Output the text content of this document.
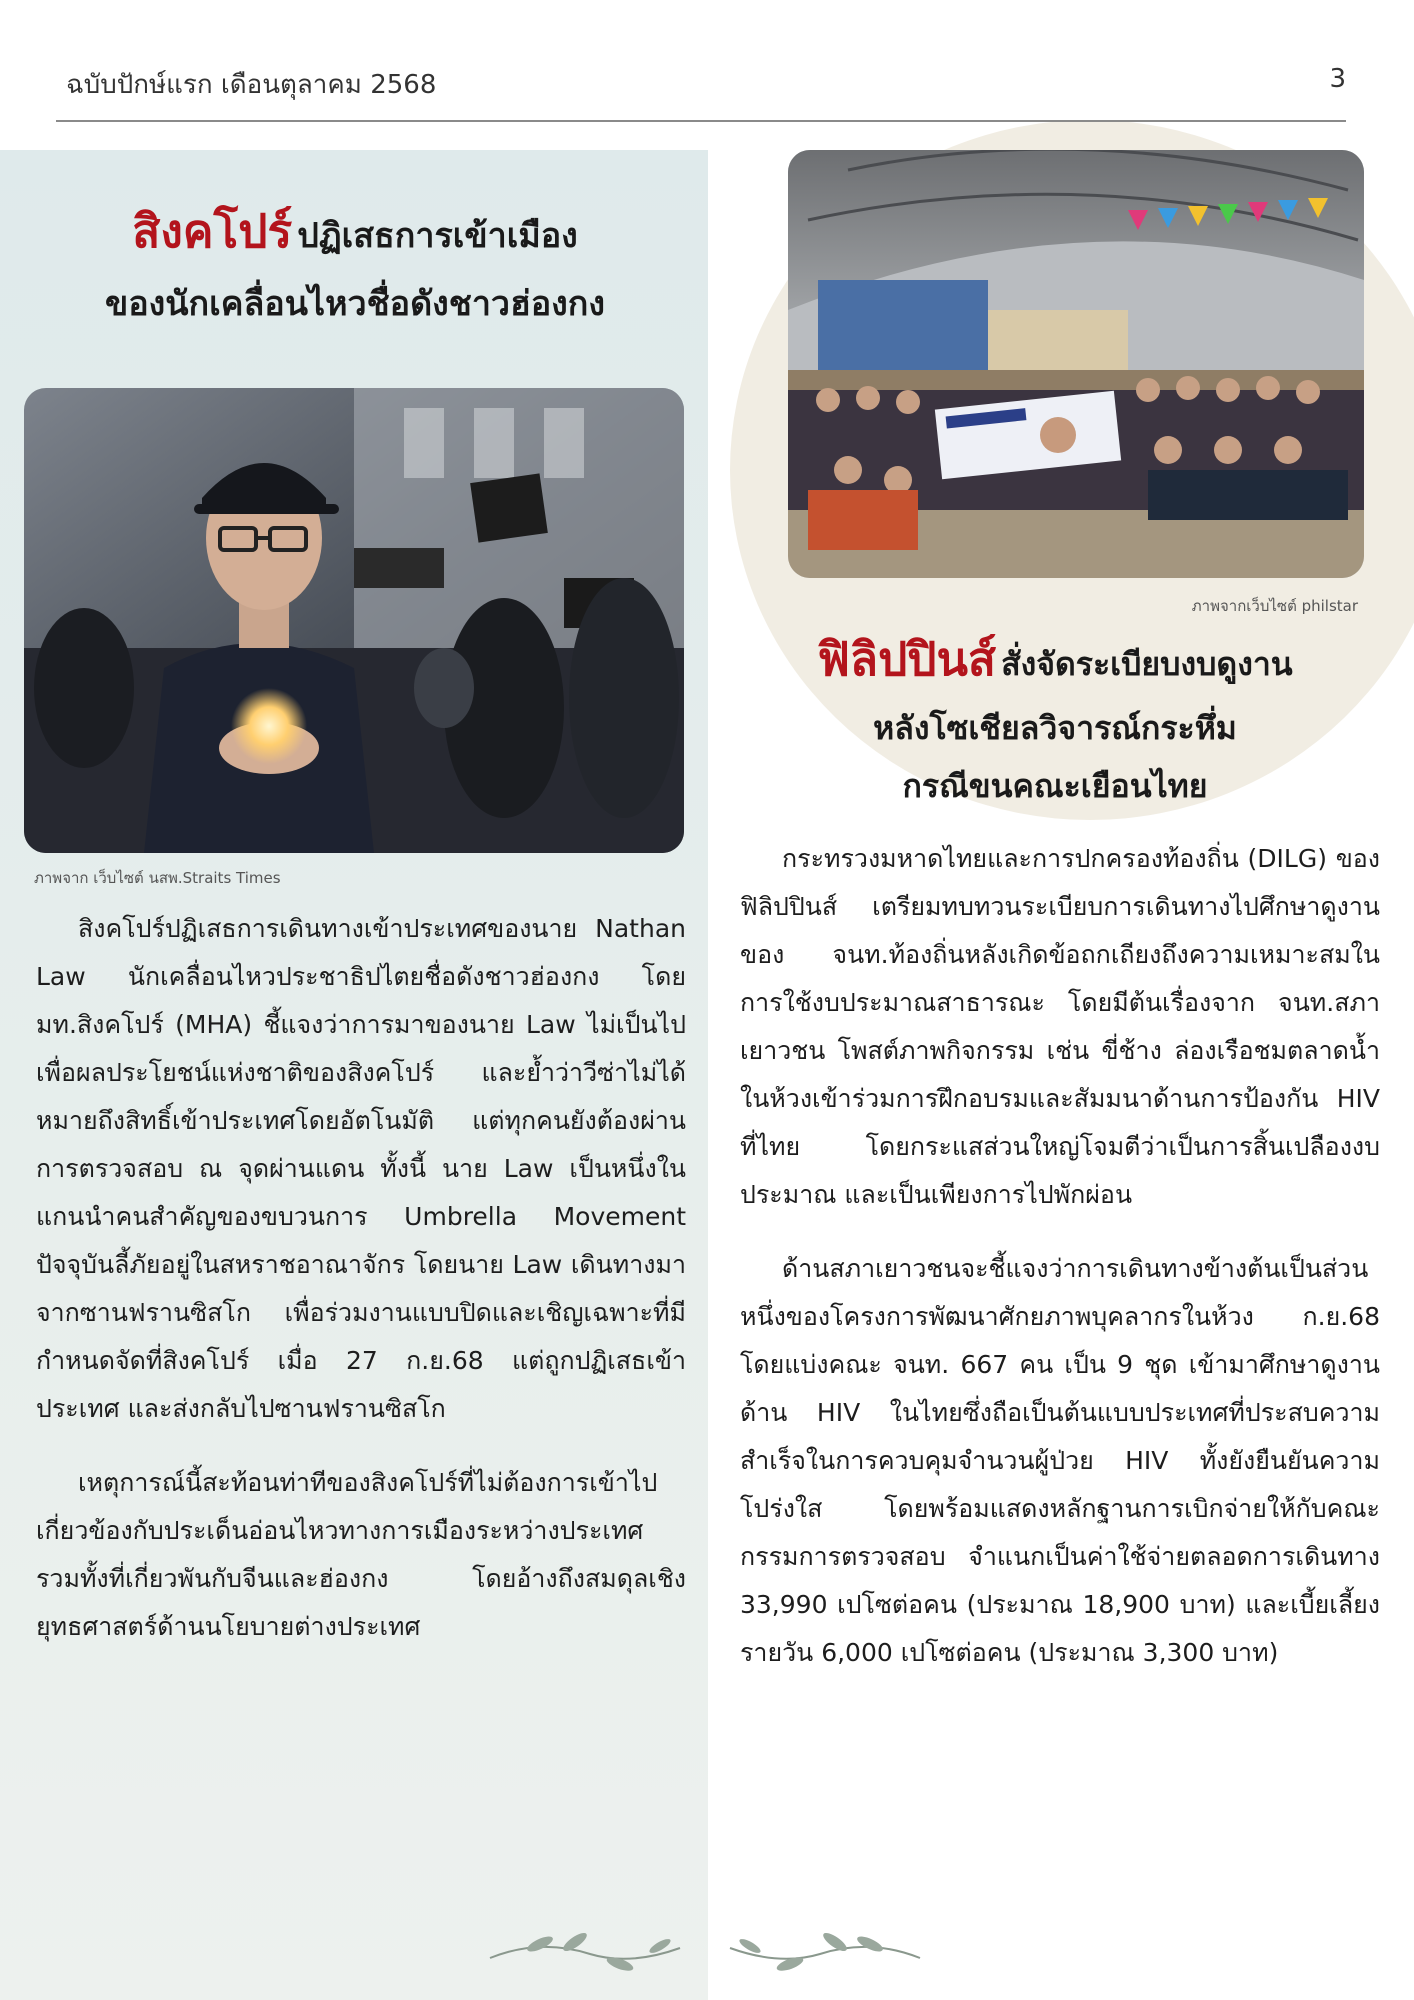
ฉบับปักษ์แรก เดือนตุลาคม 2568	3
สิงคโปร์ ปฏิเสธการเข้าเมือง
ของนักเคลื่อนไหวชื่อดังชาวฮ่องกง
ภาพจาก เว็บไซต์ นสพ.Straits Times

สิงคโปร์ปฏิเสธการเดินทางเข้าประเทศของนาย Nathan Law นักเคลื่อนไหวประชาธิปไตยชื่อดังชาวฮ่องกง โดย มท.สิงคโปร์ (MHA) ชี้แจงว่าการมาของนาย Law ไม่เป็นไปเพื่อผลประโยชน์แห่งชาติของสิงคโปร์ และย้ำว่าวีซ่าไม่ได้หมายถึงสิทธิ์เข้าประเทศโดยอัตโนมัติ แต่ทุกคนยังต้องผ่านการตรวจสอบ ณ จุดผ่านแดน ทั้งนี้ นาย Law เป็นหนึ่งในแกนนำคนสำคัญของขบวนการ Umbrella Movement ปัจจุบันลี้ภัยอยู่ในสหราชอาณาจักร โดยนาย Law เดินทางมาจากซานฟรานซิสโก เพื่อร่วมงานแบบปิดและเชิญเฉพาะที่มีกำหนดจัดที่สิงคโปร์ เมื่อ 27 ก.ย.68 แต่ถูกปฏิเสธเข้าประเทศ และส่งกลับไปซานฟรานซิสโก

เหตุการณ์นี้สะท้อนท่าทีของสิงคโปร์ที่ไม่ต้องการเข้าไปเกี่ยวข้องกับประเด็นอ่อนไหวทางการเมืองระหว่างประเทศ รวมทั้งที่เกี่ยวพันกับจีนและฮ่องกง โดยอ้างถึงสมดุลเชิงยุทธศาสตร์ด้านนโยบายต่างประเทศ

ภาพจากเว็บไซต์ philstar
ฟิลิปปินส์ สั่งจัดระเบียบงบดูงาน
หลังโซเชียลวิจารณ์กระหึ่ม
กรณีขนคณะเยือนไทย

กระทรวงมหาดไทยและการปกครองท้องถิ่น (DILG) ของฟิลิปปินส์ เตรียมทบทวนระเบียบการเดินทางไปศึกษาดูงานของ จนท.ท้องถิ่นหลังเกิดข้อถกเถียงถึงความเหมาะสมในการใช้งบประมาณสาธารณะ โดยมีต้นเรื่องจาก จนท.สภาเยาวชน โพสต์ภาพกิจกรรม เช่น ขี่ช้าง ล่องเรือชมตลาดน้ำ ในห้วงเข้าร่วมการฝึกอบรมและสัมมนาด้านการป้องกัน HIV ที่ไทย โดยกระแสส่วนใหญ่โจมตีว่าเป็นการสิ้นเปลืองงบประมาณ และเป็นเพียงการไปพักผ่อน

ด้านสภาเยาวชนจะชี้แจงว่าการเดินทางข้างต้นเป็นส่วนหนึ่งของโครงการพัฒนาศักยภาพบุคลากรในห้วง ก.ย.68 โดยแบ่งคณะ จนท. 667 คน เป็น 9 ชุด เข้ามาศึกษาดูงานด้าน HIV ในไทยซึ่งถือเป็นต้นแบบประเทศที่ประสบความสำเร็จในการควบคุมจำนวนผู้ป่วย HIV ทั้งยังยืนยันความโปร่งใส โดยพร้อมแสดงหลักฐานการเบิกจ่ายให้กับคณะกรรมการตรวจสอบ จำแนกเป็นค่าใช้จ่ายตลอดการเดินทาง 33,990 เปโซต่อคน (ประมาณ 18,900 บาท) และเบี้ยเลี้ยงรายวัน 6,000 เปโซต่อคน (ประมาณ 3,300 บาท)
